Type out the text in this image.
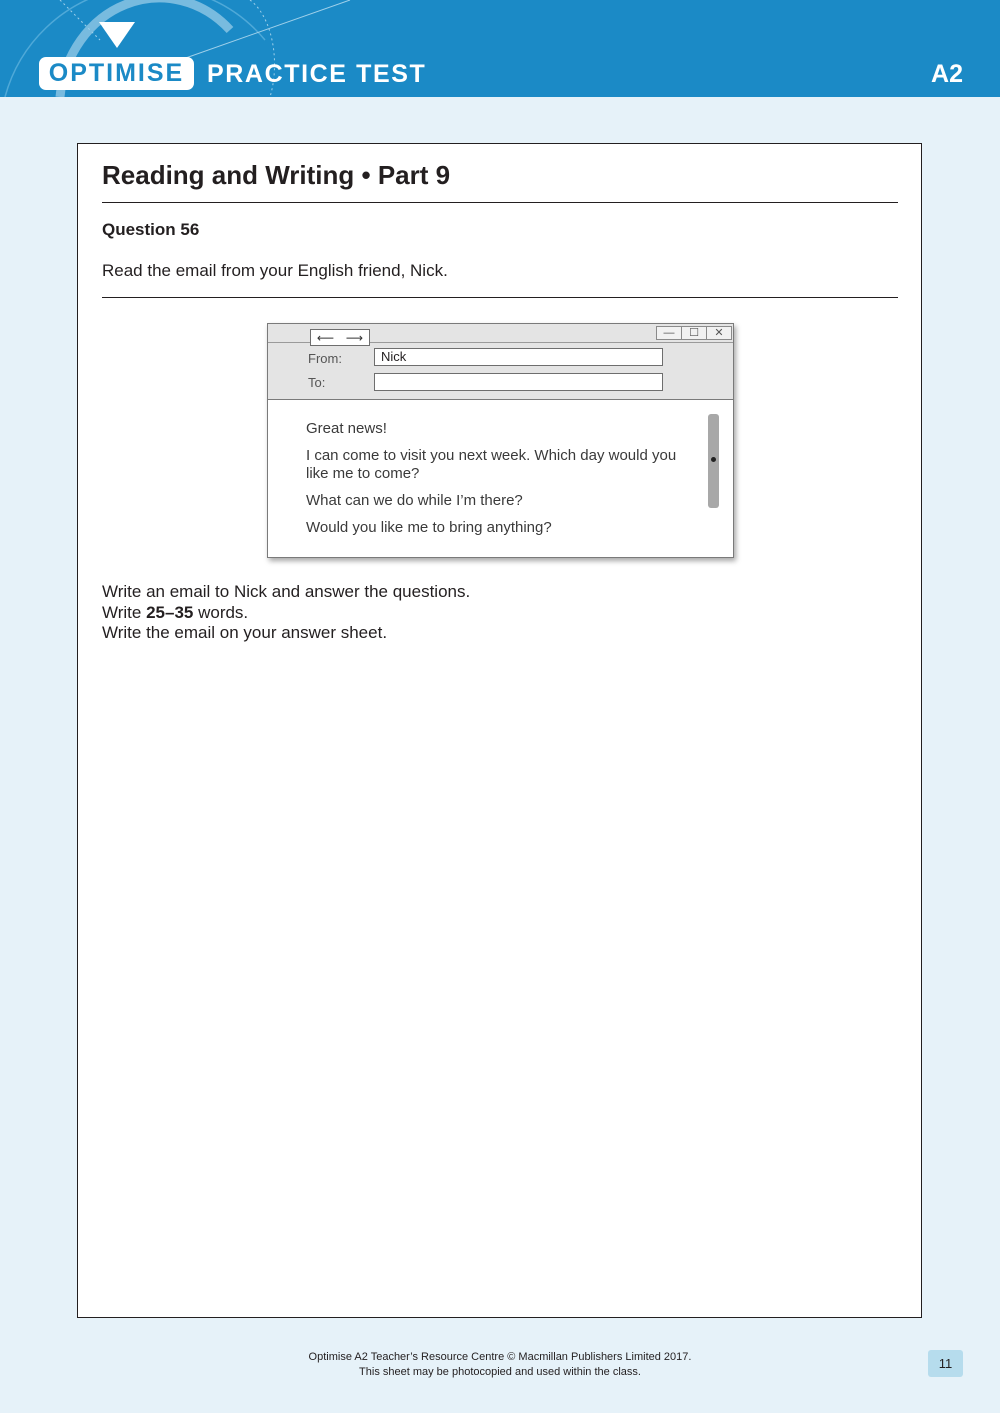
OPTIMISE PRACTICE TEST	A2
Reading and Writing • Part 9
Question 56
Read the email from your English friend, Nick.
⟵ ⟶	—	☐	✕
From:	Nick
To:

Great news!

I can come to visit you next week. Which day would you like me to come?

What can we do while I’m there?

Would you like me to bring anything?

Write an email to Nick and answer the questions.
Write 25–35 words.
Write the email on your answer sheet.
Optimise A2 Teacher’s Resource Centre © Macmillan Publishers Limited 2017.
This sheet may be photocopied and used within the class.
11
